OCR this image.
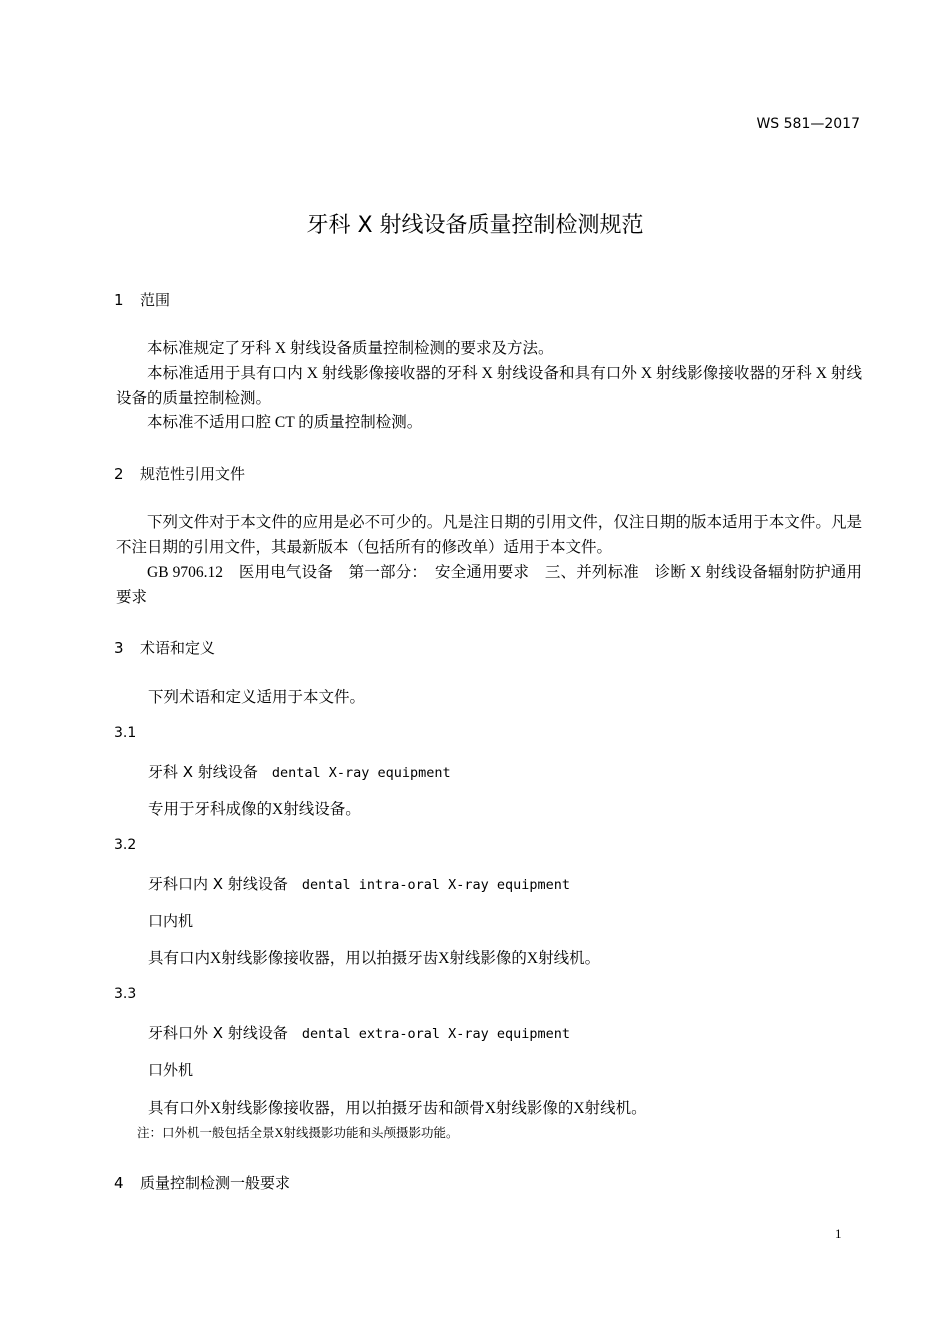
WS 581—2017
牙科 X 射线设备质量控制检测规范
1 范围
本标准规定了牙科 X 射线设备质量控制检测的要求及方法。
本标准适用于具有口内 X 射线影像接收器的牙科 X 射线设备和具有口外 X 射线影像接收器的牙科 X 射线设备的质量控制检测。
本标准不适用口腔 CT 的质量控制检测。
2 规范性引用文件
下列文件对于本文件的应用是必不可少的。凡是注日期的引用文件，仅注日期的版本适用于本文件。凡是不注日期的引用文件，其最新版本（包括所有的修改单）适用于本文件。
GB 9706.12　医用电气设备　第一部分：　安全通用要求　三、并列标准　诊断 X 射线设备辐射防护通用要求
3 术语和定义
下列术语和定义适用于本文件。
3.1
牙科 X 射线设备 dental X-ray equipment
专用于牙科成像的X射线设备。
3.2
牙科口内 X 射线设备 dental intra-oral X-ray equipment
口内机
具有口内X射线影像接收器，用以拍摄牙齿X射线影像的X射线机。
3.3
牙科口外 X 射线设备 dental extra-oral X-ray equipment
口外机
具有口外X射线影像接收器，用以拍摄牙齿和颌骨X射线影像的X射线机。
注：口外机一般包括全景X射线摄影功能和头颅摄影功能。
4 质量控制检测一般要求
1
